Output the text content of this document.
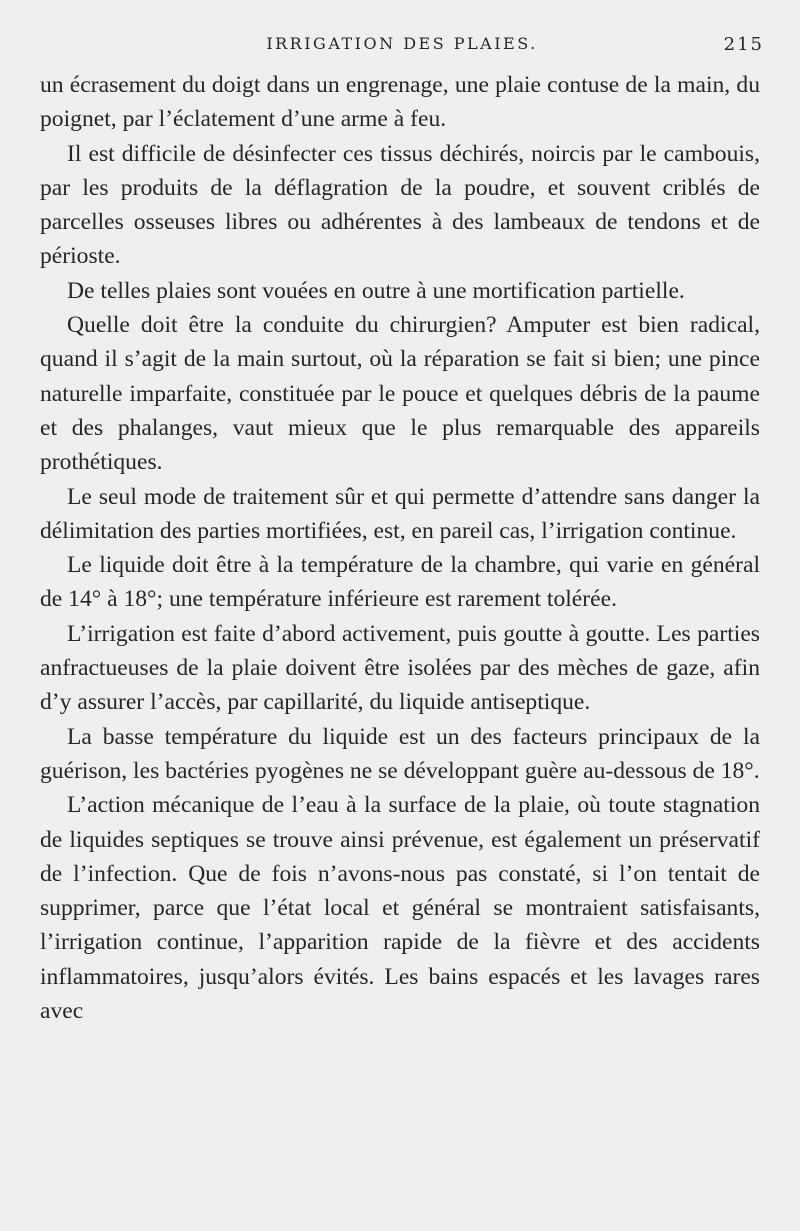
IRRIGATION DES PLAIES.	215

un écrasement du doigt dans un engrenage, une plaie contuse de la main, du poignet, par l’éclatement d’une arme à feu.

Il est difficile de désinfecter ces tissus déchirés, noircis par le cambouis, par les produits de la déflagration de la poudre, et souvent criblés de parcelles osseuses libres ou adhérentes à des lambeaux de tendons et de périoste.

De telles plaies sont vouées en outre à une mortification partielle.

Quelle doit être la conduite du chirurgien? Amputer est bien radical, quand il s’agit de la main surtout, où la réparation se fait si bien; une pince naturelle imparfaite, constituée par le pouce et quelques débris de la paume et des phalanges, vaut mieux que le plus remarquable des appareils prothétiques.

Le seul mode de traitement sûr et qui permette d’attendre sans danger la délimitation des parties mortifiées, est, en pareil cas, l’irrigation continue.

Le liquide doit être à la température de la chambre, qui varie en général de 14° à 18°; une température inférieure est rarement tolérée.

L’irrigation est faite d’abord activement, puis goutte à goutte. Les parties anfractueuses de la plaie doivent être isolées par des mèches de gaze, afin d’y assurer l’accès, par capillarité, du liquide antiseptique.

La basse température du liquide est un des facteurs principaux de la guérison, les bactéries pyogènes ne se développant guère au-dessous de 18°.

L’action mécanique de l’eau à la surface de la plaie, où toute stagnation de liquides septiques se trouve ainsi prévenue, est également un préservatif de l’infection. Que de fois n’avons-nous pas constaté, si l’on tentait de supprimer, parce que l’état local et général se montraient satisfaisants, l’irrigation continue, l’apparition rapide de la fièvre et des accidents inflammatoires, jusqu’alors évités. Les bains espacés et les lavages rares avec
